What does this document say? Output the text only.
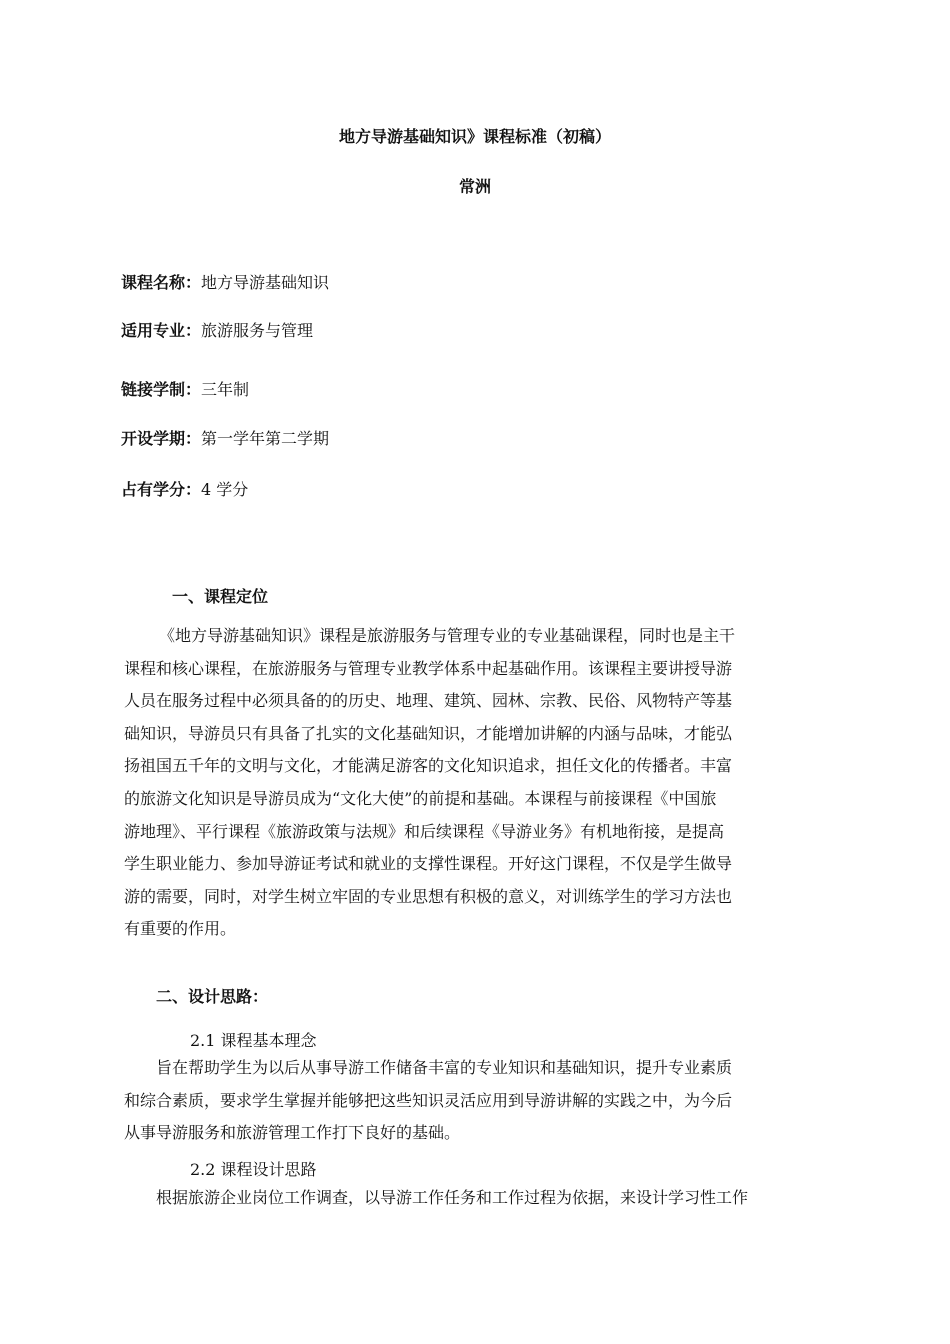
地方导游基础知识》课程标准（初稿）
常洲
课程名称：地方导游基础知识
适用专业：旅游服务与管理
链接学制：三年制
开设学期：第一学年第二学期
占有学分：4 学分
一、课程定位
《地方导游基础知识》课程是旅游服务与管理专业的专业基础课程，同时也是主干
课程和核心课程，在旅游服务与管理专业教学体系中起基础作用。该课程主要讲授导游
人员在服务过程中必须具备的的历史、地理、建筑、园林、宗教、民俗、风物特产等基
础知识，导游员只有具备了扎实的文化基础知识，才能增加讲解的内涵与品味，才能弘
扬祖国五千年的文明与文化，才能满足游客的文化知识追求，担任文化的传播者。丰富
的旅游文化知识是导游员成为“文化大使”的前提和基础。本课程与前接课程《中国旅
游地理》、平行课程《旅游政策与法规》和后续课程《导游业务》有机地衔接，是提高
学生职业能力、参加导游证考试和就业的支撑性课程。开好这门课程，不仅是学生做导
游的需要，同时，对学生树立牢固的专业思想有积极的意义，对训练学生的学习方法也
有重要的作用。
二、设计思路：
2.1 课程基本理念
旨在帮助学生为以后从事导游工作储备丰富的专业知识和基础知识，提升专业素质
和综合素质，要求学生掌握并能够把这些知识灵活应用到导游讲解的实践之中，为今后
从事导游服务和旅游管理工作打下良好的基础。
2.2 课程设计思路
根据旅游企业岗位工作调查，以导游工作任务和工作过程为依据，来设计学习性工作
